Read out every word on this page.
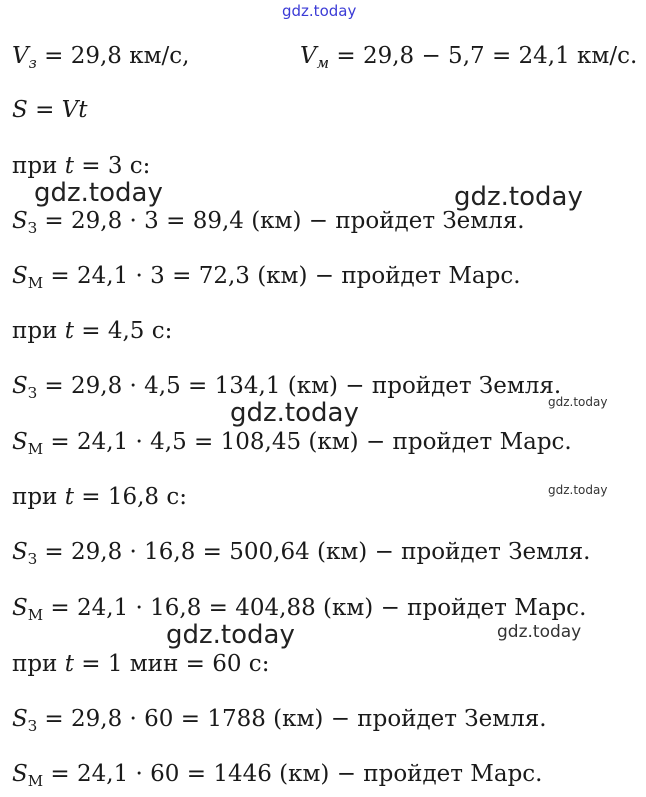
gdz.today
$V_з = 29,8$ км/с,	$V_м = 29,8 - 5,7 = 24,1$ км/с.
S = Vt
при t = 3 с:
gdz.today	gdz.today
$S_З = 29,8 \cdot 3 = 89,4$ (км) − пройдет Земля.
$S_М = 24,1 \cdot 3 = 72,3$ (км) − пройдет Марс.
при t = 4,5 с:
$S_З = 29,8 \cdot 4,5 = 134,1$ (км) − пройдет Земля.
gdz.today
gdz.today
$S_М = 24,1 \cdot 4,5 = 108,45$ (км) − пройдет Марс.
при t = 16,8 с:	gdz.today
$S_З = 29,8 \cdot 16,8 = 500,64$ (км) − пройдет Земля.
$S_М = 24,1 \cdot 16,8 = 404,88$ (км) − пройдет Марс.
gdz.today	gdz.today
при t = 1 мин = 60 с:
$S_З = 29,8 \cdot 60 = 1788$ (км) − пройдет Земля.
$S_М = 24,1 \cdot 60 = 1446$ (км) − пройдет Марс.
